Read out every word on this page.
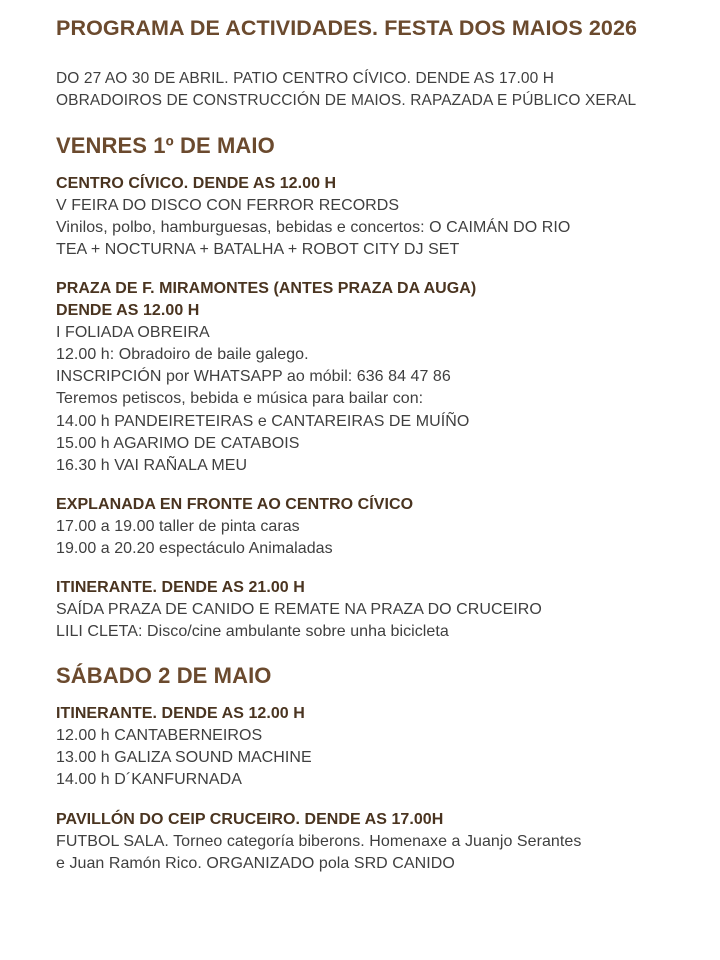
PROGRAMA DE ACTIVIDADES. FESTA DOS MAIOS 2026
DO 27 AO 30 DE ABRIL. PATIO CENTRO CÍVICO. DENDE AS 17.00 H
OBRADOIROS DE CONSTRUCCIÓN DE MAIOS. RAPAZADA E PÚBLICO XERAL
VENRES 1º DE MAIO
CENTRO CÍVICO. DENDE AS 12.00 H
V FEIRA DO DISCO CON FERROR RECORDS
Vinilos, polbo, hamburguesas, bebidas e concertos: O CAIMÁN DO RIO
TEA + NOCTURNA + BATALHA + ROBOT CITY DJ SET
PRAZA DE F. MIRAMONTES (ANTES PRAZA DA AUGA)
DENDE AS 12.00 H
I FOLIADA OBREIRA
12.00 h: Obradoiro de baile galego.
INSCRIPCIÓN por WHATSAPP ao móbil: 636 84 47 86
Teremos petiscos, bebida e música para bailar con:
14.00 h PANDEIRETEIRAS e CANTAREIRAS DE MUÍÑO
15.00 h AGARIMO DE CATABOIS
16.30 h VAI RAÑALA MEU
EXPLANADA EN FRONTE AO CENTRO CÍVICO
17.00 a 19.00 taller de pinta caras
19.00 a 20.20 espectáculo Animaladas
ITINERANTE. DENDE AS 21.00 H
SAÍDA PRAZA DE CANIDO E REMATE NA PRAZA DO CRUCEIRO
LILI CLETA: Disco/cine ambulante sobre unha bicicleta
SÁBADO 2 DE MAIO
ITINERANTE. DENDE AS 12.00 H
12.00 h CANTABERNEIROS
13.00 h GALIZA SOUND MACHINE
14.00 h D´KANFURNADA
PAVILLÓN DO CEIP CRUCEIRO. DENDE AS 17.00H
FUTBOL SALA. Torneo categoría biberons. Homenaxe a Juanjo Serantes
e Juan Ramón Rico. ORGANIZADO pola SRD CANIDO
